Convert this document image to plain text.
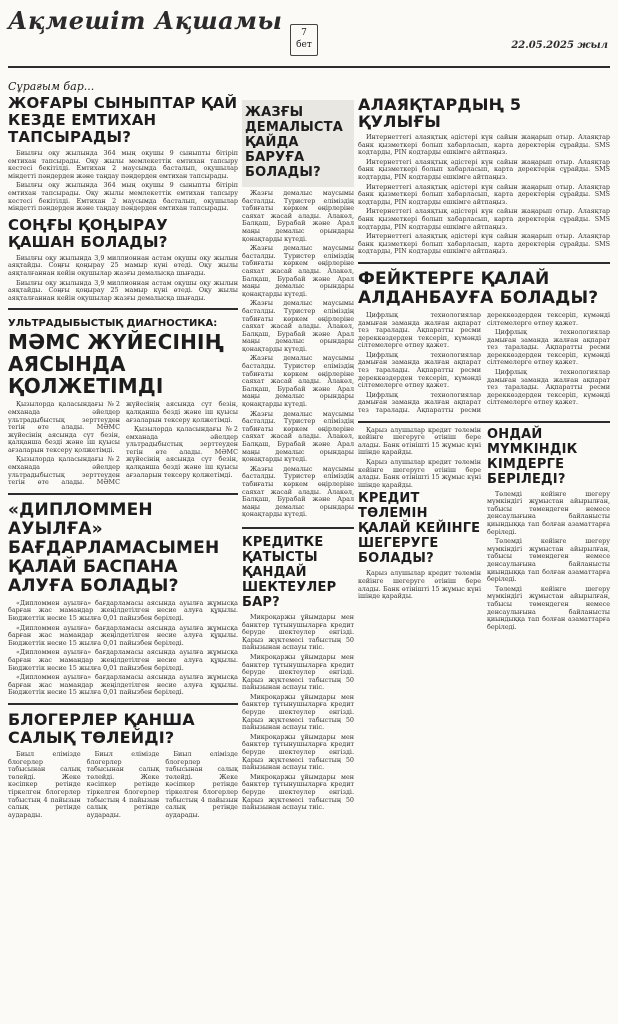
Ақмешіт Ақшамы	7
бет	22.05.2025 жыл
Сұрағым бар...
ЖОҒАРЫ СЫНЫПТАР ҚАЙ КЕЗДЕ ЕМТИХАН ТАПСЫРАДЫ?

Биылғы оқу жылында 364 мың оқушы 9 сыныпты бітіріп емтихан тапсырады. Оқу жылы мемлекеттік емтихан тапсыру кестесі бекітілді. Емтихан 2 маусымда басталып, оқушылар міндетті пәндерден және таңдау пәндерден емтихан тапсырады.

Биылғы оқу жылында 364 мың оқушы 9 сыныпты бітіріп емтихан тапсырады. Оқу жылы мемлекеттік емтихан тапсыру кестесі бекітілді. Емтихан 2 маусымда басталып, оқушылар міндетті пәндерден және таңдау пәндерден емтихан тапсырады.

СОҢҒЫ ҚОҢЫРАУ ҚАШАН БОЛАДЫ?

Биылғы оқу жылында 3,9 миллионнан астам оқушы оқу жылын аяқтайды. Соңғы қоңырау 25 мамыр күні өтеді. Оқу жылы аяқталғаннан кейін оқушылар жазғы демалысқа шығады.

Биылғы оқу жылында 3,9 миллионнан астам оқушы оқу жылын аяқтайды. Соңғы қоңырау 25 мамыр күні өтеді. Оқу жылы аяқталғаннан кейін оқушылар жазғы демалысқа шығады.

УЛЬТРАДЫБЫСТЫҚ ДИАГНОСТИКА:
МӘМС ЖҮЙЕСІНІҢ АЯСЫНДА ҚОЛЖЕТІМДІ

Қызылорда қаласындағы №2 емханада әйелдер ультрадыбыстық зерттеуден тегін өте алады. МӘМС жүйесінің аясында сүт безін, қалқанша безді және іш қуысы ағзаларын тексеру қолжетімді.

Қызылорда қаласындағы №2 емханада әйелдер ультрадыбыстық зерттеуден тегін өте алады. МӘМС жүйесінің аясында сүт безін, қалқанша безді және іш қуысы ағзаларын тексеру қолжетімді.

Қызылорда қаласындағы №2 емханада әйелдер ультрадыбыстық зерттеуден тегін өте алады. МӘМС жүйесінің аясында сүт безін, қалқанша безді және іш қуысы ағзаларын тексеру қолжетімді.

«ДИПЛОММЕН АУЫЛҒА» БАҒДАРЛАМАСЫМЕН ҚАЛАЙ БАСПАНА АЛУҒА БОЛАДЫ?

«Дипломмен ауылға» бағдарламасы аясында ауылға жұмысқа барған жас мамандар жеңілдетілген несие алуға құқылы. Бюджеттік несие 15 жылға 0,01 пайызбен беріледі.

«Дипломмен ауылға» бағдарламасы аясында ауылға жұмысқа барған жас мамандар жеңілдетілген несие алуға құқылы. Бюджеттік несие 15 жылға 0,01 пайызбен беріледі.

«Дипломмен ауылға» бағдарламасы аясында ауылға жұмысқа барған жас мамандар жеңілдетілген несие алуға құқылы. Бюджеттік несие 15 жылға 0,01 пайызбен беріледі.

«Дипломмен ауылға» бағдарламасы аясында ауылға жұмысқа барған жас мамандар жеңілдетілген несие алуға құқылы. Бюджеттік несие 15 жылға 0,01 пайызбен беріледі.

БЛОГЕРЛЕР ҚАНША САЛЫҚ ТӨЛЕЙДІ?

Биыл елімізде блогерлер табысынан салық төлейді. Жеке кәсіпкер ретінде тіркелген блогерлер табыстың 4 пайызын салық ретінде аударады.

Биыл елімізде блогерлер табысынан салық төлейді. Жеке кәсіпкер ретінде тіркелген блогерлер табыстың 4 пайызын салық ретінде аударады.

Биыл елімізде блогерлер табысынан салық төлейді. Жеке кәсіпкер ретінде тіркелген блогерлер табыстың 4 пайызын салық ретінде аударады.

ЖАЗҒЫ ДЕМАЛЫСТА ҚАЙДА БАРУҒА БОЛАДЫ?

Жазғы демалыс маусымы басталды. Туристер еліміздің табиғаты көркем өңірлеріне саяхат жасай алады. Алакөл, Балқаш, Бурабай және Арал маңы демалыс орындары қонақтарды күтеді.

Жазғы демалыс маусымы басталды. Туристер еліміздің табиғаты көркем өңірлеріне саяхат жасай алады. Алакөл, Балқаш, Бурабай және Арал маңы демалыс орындары қонақтарды күтеді.

Жазғы демалыс маусымы басталды. Туристер еліміздің табиғаты көркем өңірлеріне саяхат жасай алады. Алакөл, Балқаш, Бурабай және Арал маңы демалыс орындары қонақтарды күтеді.

Жазғы демалыс маусымы басталды. Туристер еліміздің табиғаты көркем өңірлеріне саяхат жасай алады. Алакөл, Балқаш, Бурабай және Арал маңы демалыс орындары қонақтарды күтеді.

Жазғы демалыс маусымы басталды. Туристер еліміздің табиғаты көркем өңірлеріне саяхат жасай алады. Алакөл, Балқаш, Бурабай және Арал маңы демалыс орындары қонақтарды күтеді.

Жазғы демалыс маусымы басталды. Туристер еліміздің табиғаты көркем өңірлеріне саяхат жасай алады. Алакөл, Балқаш, Бурабай және Арал маңы демалыс орындары қонақтарды күтеді.

КРЕДИТКЕ ҚАТЫСТЫ ҚАНДАЙ ШЕКТЕУЛЕР БАР?

Микроқаржы ұйымдары мен банктер тұтынушыларға кредит беруде шектеулер енгізді. Қарыз жүктемесі табыстың 50 пайызынан аспауы тиіс.

Микроқаржы ұйымдары мен банктер тұтынушыларға кредит беруде шектеулер енгізді. Қарыз жүктемесі табыстың 50 пайызынан аспауы тиіс.

Микроқаржы ұйымдары мен банктер тұтынушыларға кредит беруде шектеулер енгізді. Қарыз жүктемесі табыстың 50 пайызынан аспауы тиіс.

Микроқаржы ұйымдары мен банктер тұтынушыларға кредит беруде шектеулер енгізді. Қарыз жүктемесі табыстың 50 пайызынан аспауы тиіс.

Микроқаржы ұйымдары мен банктер тұтынушыларға кредит беруде шектеулер енгізді. Қарыз жүктемесі табыстың 50 пайызынан аспауы тиіс.

АЛАЯҚТАРДЫҢ 5 ҚУЛЫҒЫ

Интернеттегі алаяқтық әдістері күн сайын жаңарып отыр. Алаяқтар банк қызметкері болып хабарласып, карта деректерін сұрайды. SMS кодтарды, PIN кодтарды ешкімге айтпаңыз.

Интернеттегі алаяқтық әдістері күн сайын жаңарып отыр. Алаяқтар банк қызметкері болып хабарласып, карта деректерін сұрайды. SMS кодтарды, PIN кодтарды ешкімге айтпаңыз.

Интернеттегі алаяқтық әдістері күн сайын жаңарып отыр. Алаяқтар банк қызметкері болып хабарласып, карта деректерін сұрайды. SMS кодтарды, PIN кодтарды ешкімге айтпаңыз.

Интернеттегі алаяқтық әдістері күн сайын жаңарып отыр. Алаяқтар банк қызметкері болып хабарласып, карта деректерін сұрайды. SMS кодтарды, PIN кодтарды ешкімге айтпаңыз.

Интернеттегі алаяқтық әдістері күн сайын жаңарып отыр. Алаяқтар банк қызметкері болып хабарласып, карта деректерін сұрайды. SMS кодтарды, PIN кодтарды ешкімге айтпаңыз.

ФЕЙКТЕРГЕ ҚАЛАЙ АЛДАНБАУҒА БОЛАДЫ?

Цифрлық технологиялар дамыған заманда жалған ақпарат тез таралады. Ақпаратты ресми дереккөздерден тексеріп, күмәнді сілтемелерге өтпеу қажет.

Цифрлық технологиялар дамыған заманда жалған ақпарат тез таралады. Ақпаратты ресми дереккөздерден тексеріп, күмәнді сілтемелерге өтпеу қажет.

Цифрлық технологиялар дамыған заманда жалған ақпарат тез таралады. Ақпаратты ресми дереккөздерден тексеріп, күмәнді сілтемелерге өтпеу қажет.

Цифрлық технологиялар дамыған заманда жалған ақпарат тез таралады. Ақпаратты ресми дереккөздерден тексеріп, күмәнді сілтемелерге өтпеу қажет.

Цифрлық технологиялар дамыған заманда жалған ақпарат тез таралады. Ақпаратты ресми дереккөздерден тексеріп, күмәнді сілтемелерге өтпеу қажет.

Қарыз алушылар кредит төлемін кейінге шегеруге өтініш бере алады. Банк өтінішті 15 жұмыс күні ішінде қарайды.

Қарыз алушылар кредит төлемін кейінге шегеруге өтініш бере алады. Банк өтінішті 15 жұмыс күні ішінде қарайды.

КРЕДИТ ТӨЛЕМІН ҚАЛАЙ КЕЙІНГЕ ШЕГЕРУГЕ БОЛАДЫ?

Қарыз алушылар кредит төлемін кейінге шегеруге өтініш бере алады. Банк өтінішті 15 жұмыс күні ішінде қарайды.

ОНДАЙ МҮМКІНДІК КІМДЕРГЕ БЕРІЛЕДІ?

Төлемді кейінге шегеру мүмкіндігі жұмыстан айырылған, табысы төмендеген немесе денсаулығына байланысты қиындыққа тап болған азаматтарға беріледі.

Төлемді кейінге шегеру мүмкіндігі жұмыстан айырылған, табысы төмендеген немесе денсаулығына байланысты қиындыққа тап болған азаматтарға беріледі.

Төлемді кейінге шегеру мүмкіндігі жұмыстан айырылған, табысы төмендеген немесе денсаулығына байланысты қиындыққа тап болған азаматтарға беріледі.
